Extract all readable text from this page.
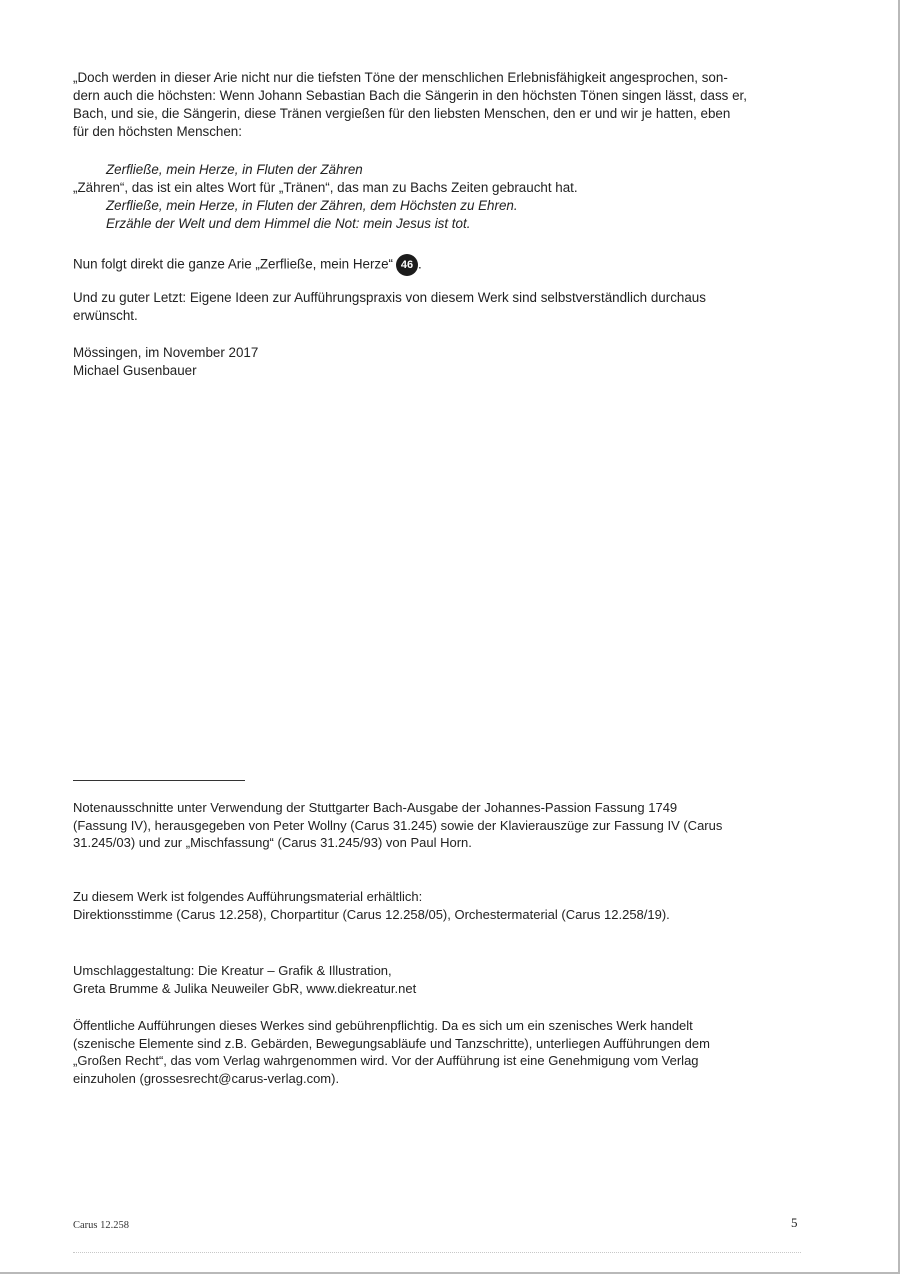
„Doch werden in dieser Arie nicht nur die tiefsten Töne der menschlichen Erlebnisfähigkeit angesprochen, son-

dern auch die höchsten: Wenn Johann Sebastian Bach die Sängerin in den höchsten Tönen singen lässt, dass er,

Bach, und sie, die Sängerin, diese Tränen vergießen für den liebsten Menschen, den er und wir je hatten, eben

für den höchsten Menschen:

Zerfließe, mein Herze, in Fluten der Zähren

„Zähren“, das ist ein altes Wort für „Tränen“, das man zu Bachs Zeiten gebraucht hat.

Zerfließe, mein Herze, in Fluten der Zähren, dem Höchsten zu Ehren.

Erzähle der Welt und dem Himmel die Not: mein Jesus ist tot.

Nun folgt direkt die ganze Arie „Zerfließe, mein Herze“ 46 .

Und zu guter Letzt: Eigene Ideen zur Aufführungspraxis von diesem Werk sind selbstverständlich durchaus

erwünscht.

Mössingen, im November 2017

Michael Gusenbauer

Notenausschnitte unter Verwendung der Stuttgarter Bach-Ausgabe der Johannes-Passion Fassung 1749

(Fassung IV), herausgegeben von Peter Wollny (Carus 31.245) sowie der Klavierauszüge zur Fassung IV (Carus

31.245/03) und zur „Mischfassung“ (Carus 31.245/93) von Paul Horn.

Zu diesem Werk ist folgendes Aufführungsmaterial erhältlich:

Direktionsstimme (Carus 12.258), Chorpartitur (Carus 12.258/05), Orchestermaterial (Carus 12.258/19).

Umschlaggestaltung: Die Kreatur – Grafik & Illustration,

Greta Brumme & Julika Neuweiler GbR, www.diekreatur.net

Öffentliche Aufführungen dieses Werkes sind gebührenpflichtig. Da es sich um ein szenisches Werk handelt

(szenische Elemente sind z.B. Gebärden, Bewegungsabläufe und Tanzschritte), unterliegen Aufführungen dem

„Großen Recht“, das vom Verlag wahrgenommen wird. Vor der Aufführung ist eine Genehmigung vom Verlag

einzuholen (grossesrecht@carus-verlag.com).

Carus 12.258	5
